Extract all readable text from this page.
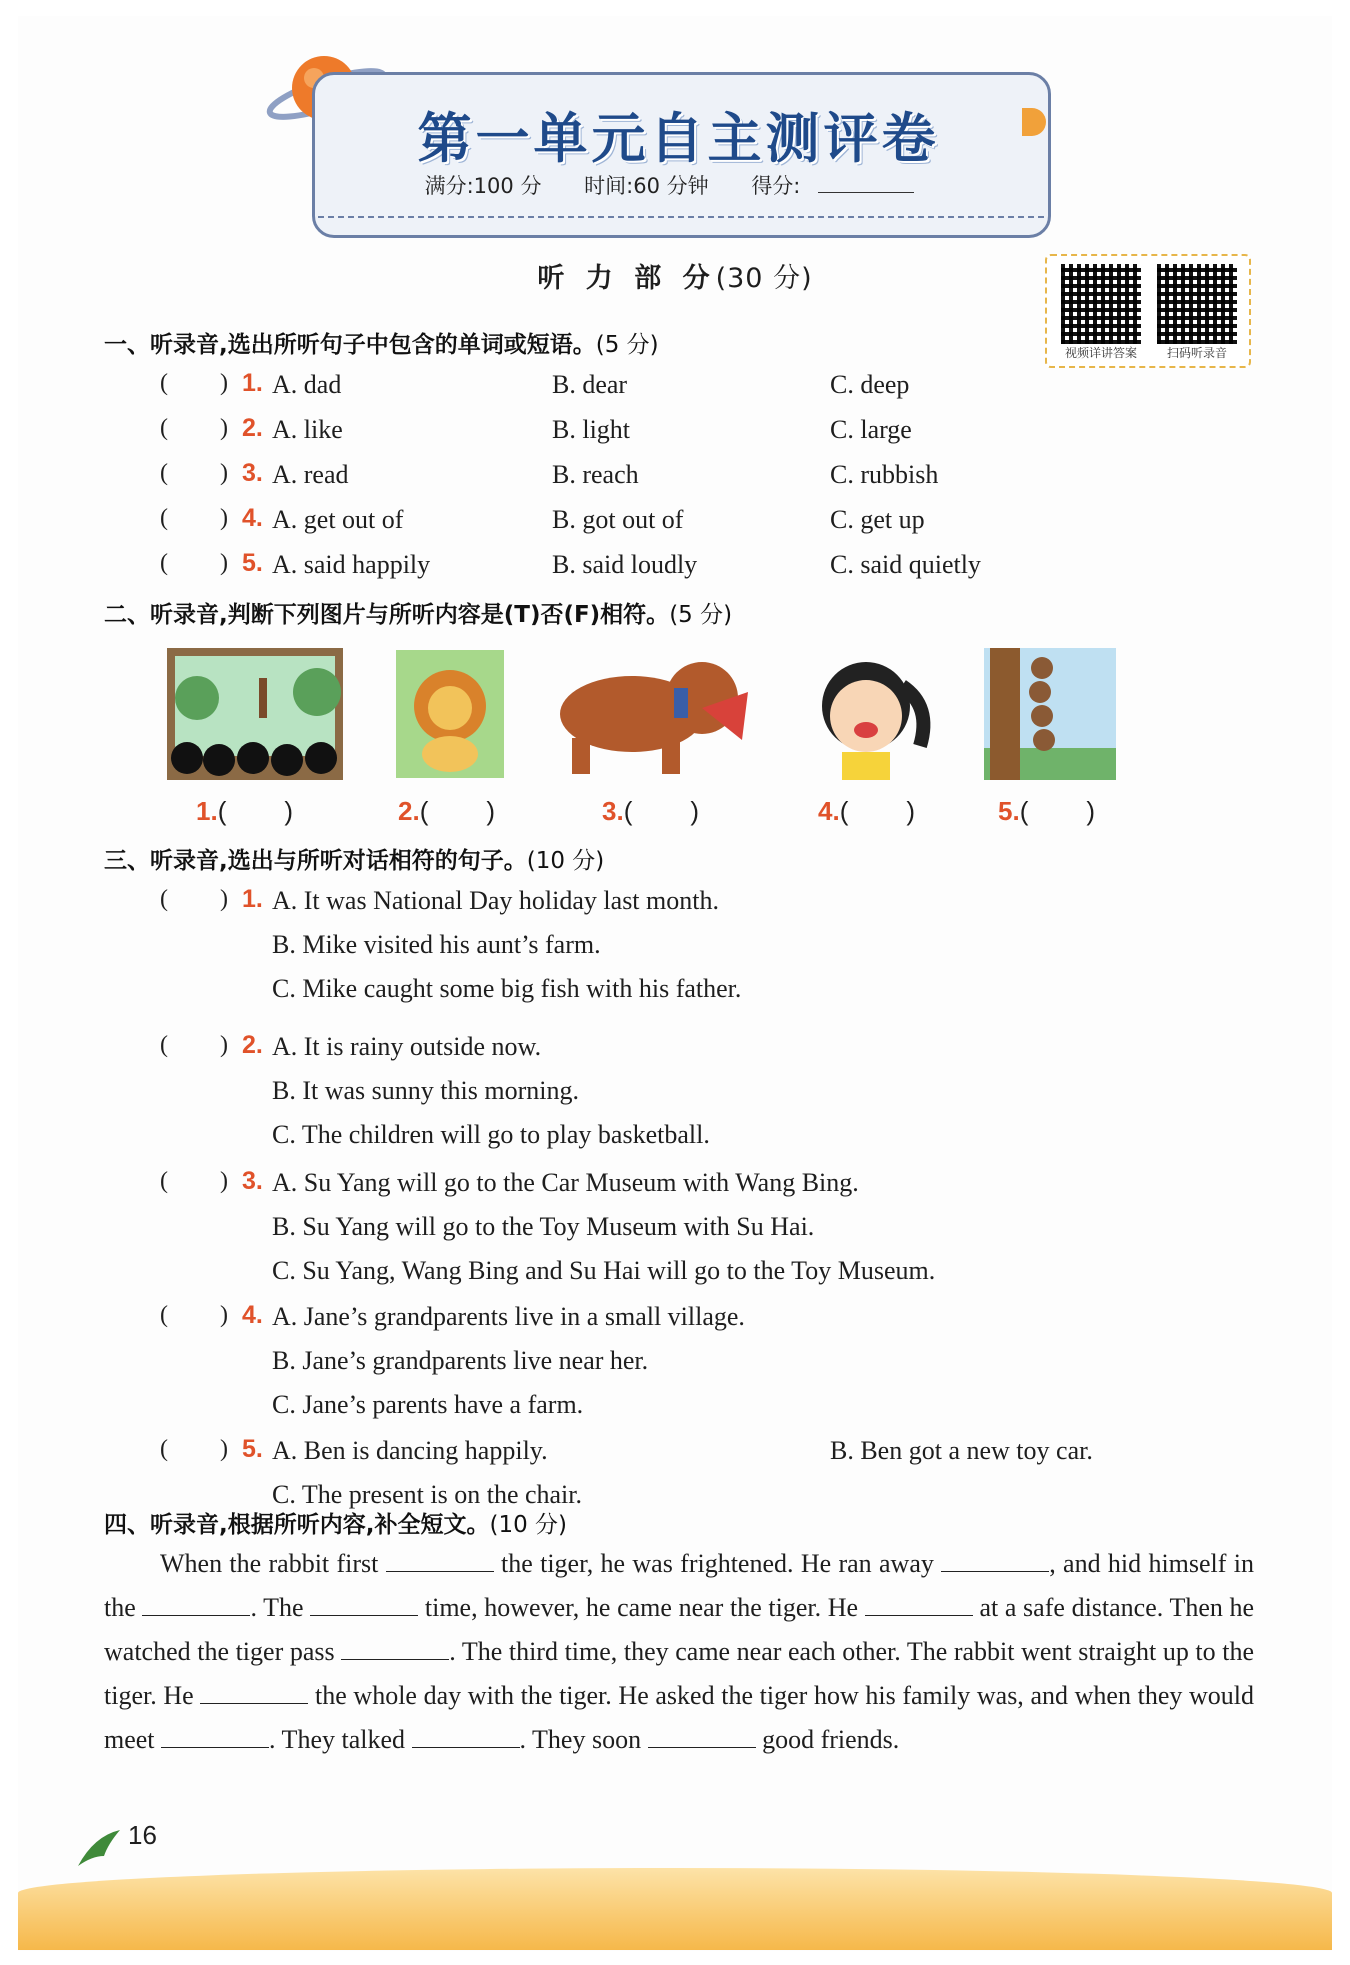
第一单元自主测评卷
满分:100 分 时间:60 分钟 得分:
听 力 部 分(30 分)
视频详讲答案	扫码听录音
一、听录音,选出所听句子中包含的单词或短语。(5 分)
( ) 1. A. dad	B. dear	C. deep
( ) 2. A. like	B. light	C. large
( ) 3. A. read	B. reach	C. rubbish
( ) 4. A. get out of	B. got out of	C. get up
( ) 5. A. said happily	B. said loudly	C. said quietly
二、听录音,判断下列图片与所听内容是(T)否(F)相符。(5 分)
1.( )	2.( )	3.( )	4.( )	5.( )
三、听录音,选出与所听对话相符的句子。(10 分)
( ) 1. A. It was National Day holiday last month.
B. Mike visited his aunt’s farm.
C. Mike caught some big fish with his father.
( ) 2. A. It is rainy outside now.
B. It was sunny this morning.
C. The children will go to play basketball.
( ) 3. A. Su Yang will go to the Car Museum with Wang Bing.
B. Su Yang will go to the Toy Museum with Su Hai.
C. Su Yang, Wang Bing and Su Hai will go to the Toy Museum.
( ) 4. A. Jane’s grandparents live in a small village.
B. Jane’s grandparents live near her.
C. Jane’s parents have a farm.
( ) 5. A. Ben is dancing happily.	B. Ben got a new toy car.
C. The present is on the chair.
四、听录音,根据所听内容,补全短文。(10 分)
When the rabbit first	the tiger, he was frightened. He ran away	, and hid himself in the	. The	time, however, he came near the tiger. He	at a safe distance. Then he watched the tiger pass	. The third time, they came near each other. The rabbit went straight up to the tiger. He	the whole day with the tiger. He asked the tiger how his family was, and when they would meet	. They talked	. They soon	good friends.
16
